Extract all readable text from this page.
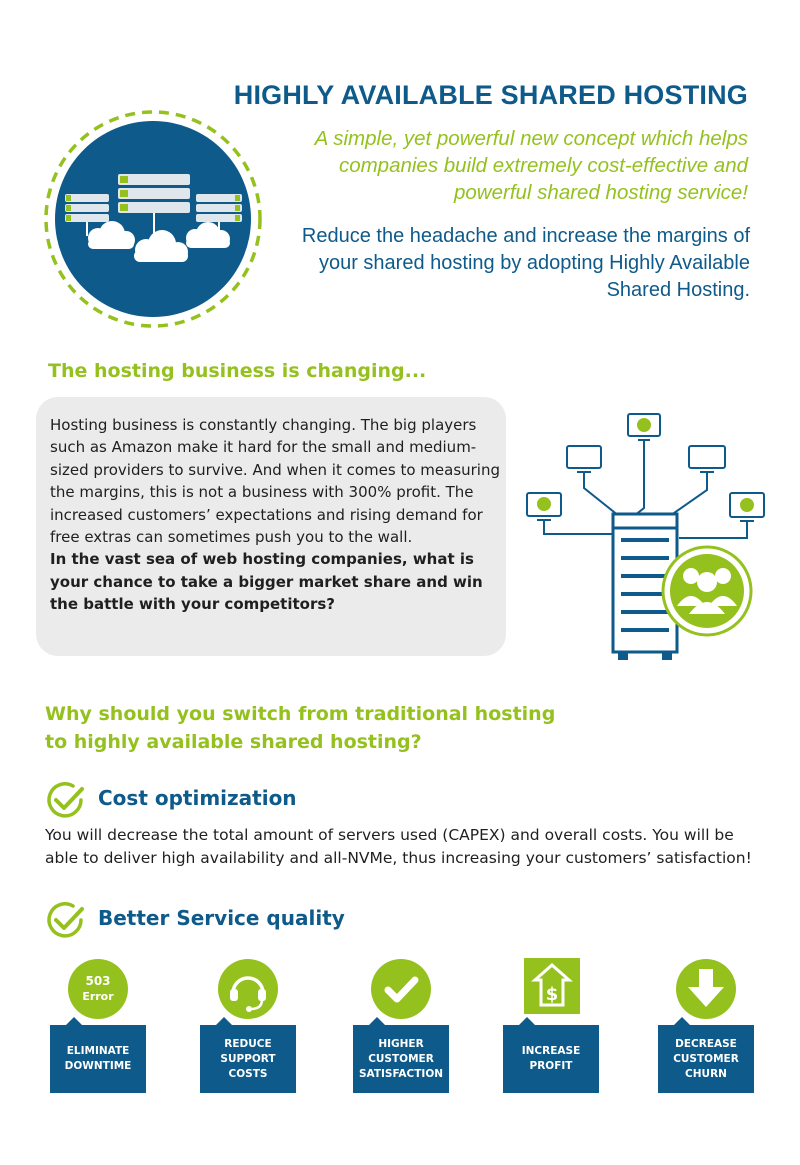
HIGHLY AVAILABLE SHARED HOSTING
A simple, yet powerful new concept which helps companies build extremely cost-effective and powerful shared hosting service!
Reduce the headache and increase the margins of your shared hosting by adopting Highly Available Shared Hosting.
The hosting business is changing...
Hosting business is constantly changing. The big players such as Amazon make it hard for the small and medium-sized providers to survive. And when it comes to measuring the margins, this is not a business with 300% profit. The increased customers’ expectations and rising demand for free extras can sometimes push you to the wall.
In the vast sea of web hosting companies, what is your chance to take a bigger market share and win the battle with your competitors?
Why should you switch from traditional hosting
to highly available shared hosting?
Cost optimization
You will decrease the total amount of servers used (CAPEX) and overall costs. You will be able to deliver high availability and all-NVMe, thus increasing your customers’ satisfaction!
Better Service quality
503
Error
ELIMINATE DOWNTIME
REDUCE SUPPORT COSTS
HIGHER CUSTOMER SATISFACTION
$
INCREASE PROFIT
DECREASE CUSTOMER CHURN
